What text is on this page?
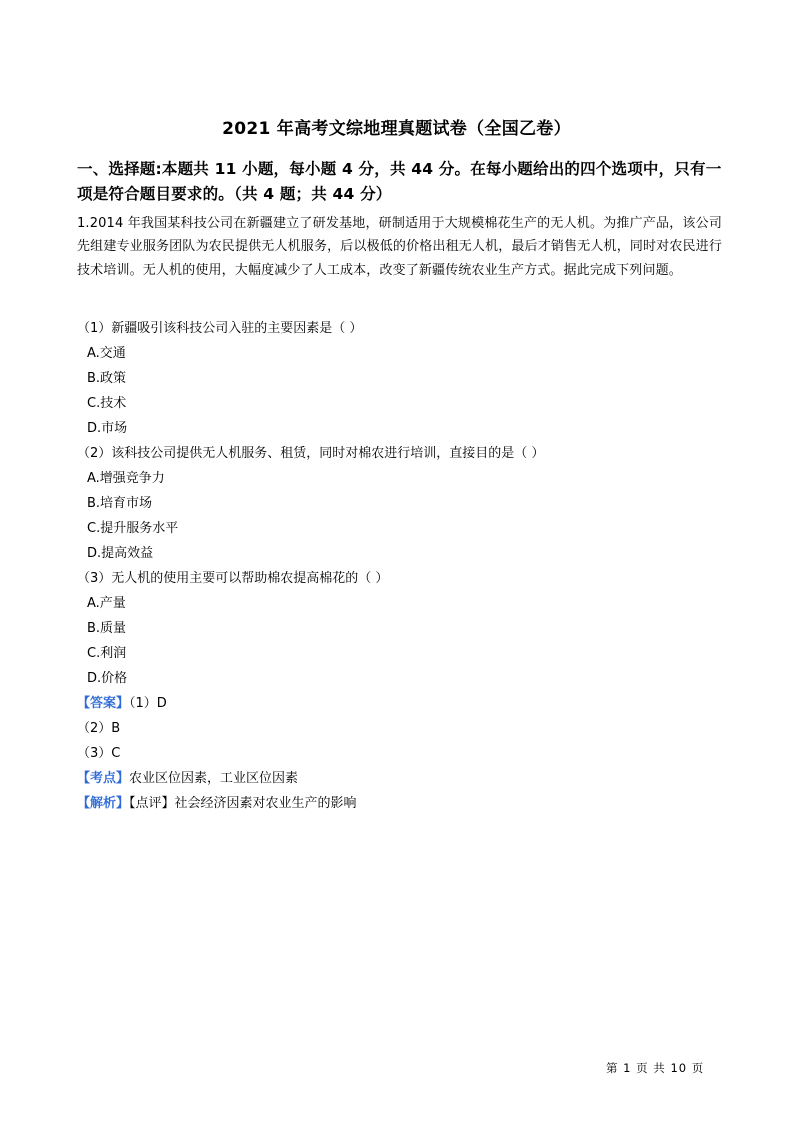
2021 年高考文综地理真题试卷（全国乙卷）
一、选择题:本题共 11 小题，每小题 4 分，共 44 分。在每小题给出的四个选项中，只有一项是符合题目要求的。（共 4 题；共 44 分）
1.2014 年我国某科技公司在新疆建立了研发基地，研制适用于大规模棉花生产的无人机。为推广产品，该公司先组建专业服务团队为农民提供无人机服务，后以极低的价格出租无人机，最后才销售无人机，同时对农民进行技术培训。无人机的使用，大幅度减少了人工成本，改变了新疆传统农业生产方式。据此完成下列问题。
（1）新疆吸引该科技公司入驻的主要因素是（ ）
A.交通
B.政策
C.技术
D.市场
（2）该科技公司提供无人机服务、租赁，同时对棉农进行培训，直接目的是（ ）
A.增强竞争力
B.培育市场
C.提升服务水平
D.提高效益
（3）无人机的使用主要可以帮助棉农提高棉花的（ ）
A.产量
B.质量
C.利润
D.价格
【答案】（1）D
（2）B
（3）C
【考点】农业区位因素，工业区位因素
【解析】【点评】社会经济因素对农业生产的影响
第 1 页 共 10 页
